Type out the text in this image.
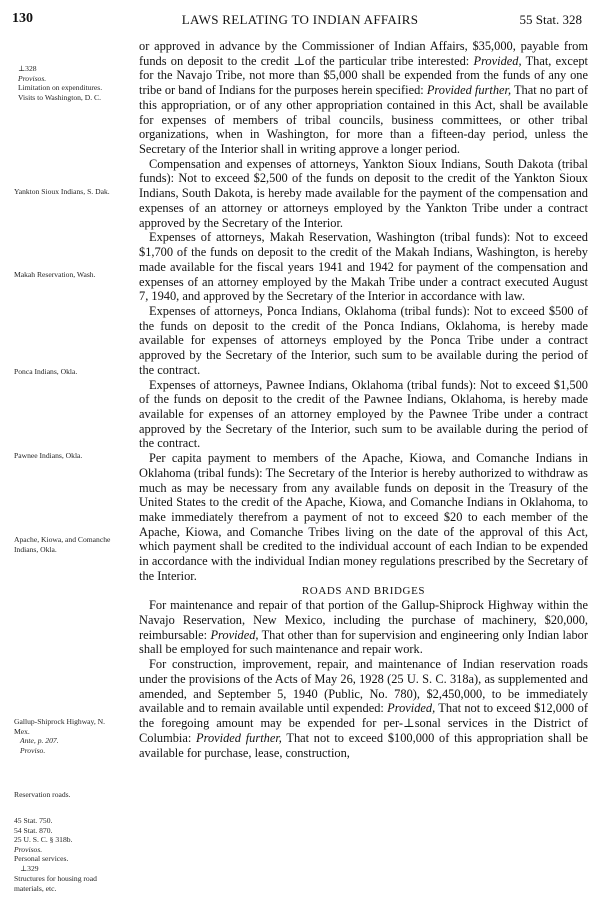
130	LAWS RELATING TO INDIAN AFFAIRS	55 Stat. 328
⊥328
Provisos.
Limitation on expenditures.
Visits to Washington, D. C.
Yankton Sioux Indians, S. Dak.
Makah Reservation, Wash.
Ponca Indians, Okla.
Pawnee Indians, Okla.
Apache, Kiowa, and Comanche Indians, Okla.
Gallup-Shiprock Highway, N. Mex.
Ante, p. 207.
Proviso.
Reservation roads.
45 Stat. 750.
54 Stat. 870.
25 U. S. C. § 318b.
Provisos.
Personal services.
⊥329
Structures for housing road materials, etc.

or approved in advance by the Commissioner of Indian Affairs, $35,000, payable from funds on deposit to the credit ⊥of the particular tribe interested: Provided, That, except for the Navajo Tribe, not more than $5,000 shall be expended from the funds of any one tribe or band of Indians for the purposes herein specified: Provided further, That no part of this appropriation, or of any other appropriation contained in this Act, shall be available for expenses of members of tribal councils, business committees, or other tribal organizations, when in Washington, for more than a fifteen-day period, unless the Secretary of the Interior shall in writing approve a longer period.

Compensation and expenses of attorneys, Yankton Sioux Indians, South Dakota (tribal funds): Not to exceed $2,500 of the funds on deposit to the credit of the Yankton Sioux Indians, South Dakota, is hereby made available for the payment of the compensation and expenses of an attorney or attorneys employed by the Yankton Tribe under a contract approved by the Secretary of the Interior.

Expenses of attorneys, Makah Reservation, Washington (tribal funds): Not to exceed $1,700 of the funds on deposit to the credit of the Makah Indians, Washington, is hereby made available for the fiscal years 1941 and 1942 for payment of the compensation and expenses of an attorney employed by the Makah Tribe under a contract executed August 7, 1940, and approved by the Secretary of the Interior in accordance with law.

Expenses of attorneys, Ponca Indians, Oklahoma (tribal funds): Not to exceed $500 of the funds on deposit to the credit of the Ponca Indians, Oklahoma, is hereby made available for expenses of attorneys employed by the Ponca Tribe under a contract approved by the Secretary of the Interior, such sum to be available during the period of the contract.

Expenses of attorneys, Pawnee Indians, Oklahoma (tribal funds): Not to exceed $1,500 of the funds on deposit to the credit of the Pawnee Indians, Oklahoma, is hereby made available for expenses of an attorney employed by the Pawnee Tribe under a contract approved by the Secretary of the Interior, such sum to be available during the period of the contract.

Per capita payment to members of the Apache, Kiowa, and Comanche Indians in Oklahoma (tribal funds): The Secretary of the Interior is hereby authorized to withdraw as much as may be necessary from any available funds on deposit in the Treasury of the United States to the credit of the Apache, Kiowa, and Comanche Indians in Oklahoma, to make immediately therefrom a payment of not to exceed $20 to each member of the Apache, Kiowa, and Comanche Tribes living on the date of the approval of this Act, which payment shall be credited to the individual account of each Indian to be expended in accordance with the individual Indian money regulations prescribed by the Secretary of the Interior.

ROADS AND BRIDGES

For maintenance and repair of that portion of the Gallup-Shiprock Highway within the Navajo Reservation, New Mexico, including the purchase of machinery, $20,000, reimbursable: Provided, That other than for supervision and engineering only Indian labor shall be employed for such maintenance and repair work.

For construction, improvement, repair, and maintenance of Indian reservation roads under the provisions of the Acts of May 26, 1928 (25 U. S. C. 318a), as supplemented and amended, and September 5, 1940 (Public, No. 780), $2,450,000, to be immediately available and to remain available until expended: Provided, That not to exceed $12,000 of the foregoing amount may be expended for per-⊥sonal services in the District of Columbia: Provided further, That not to exceed $100,000 of this appropriation shall be available for purchase, lease, construction,
